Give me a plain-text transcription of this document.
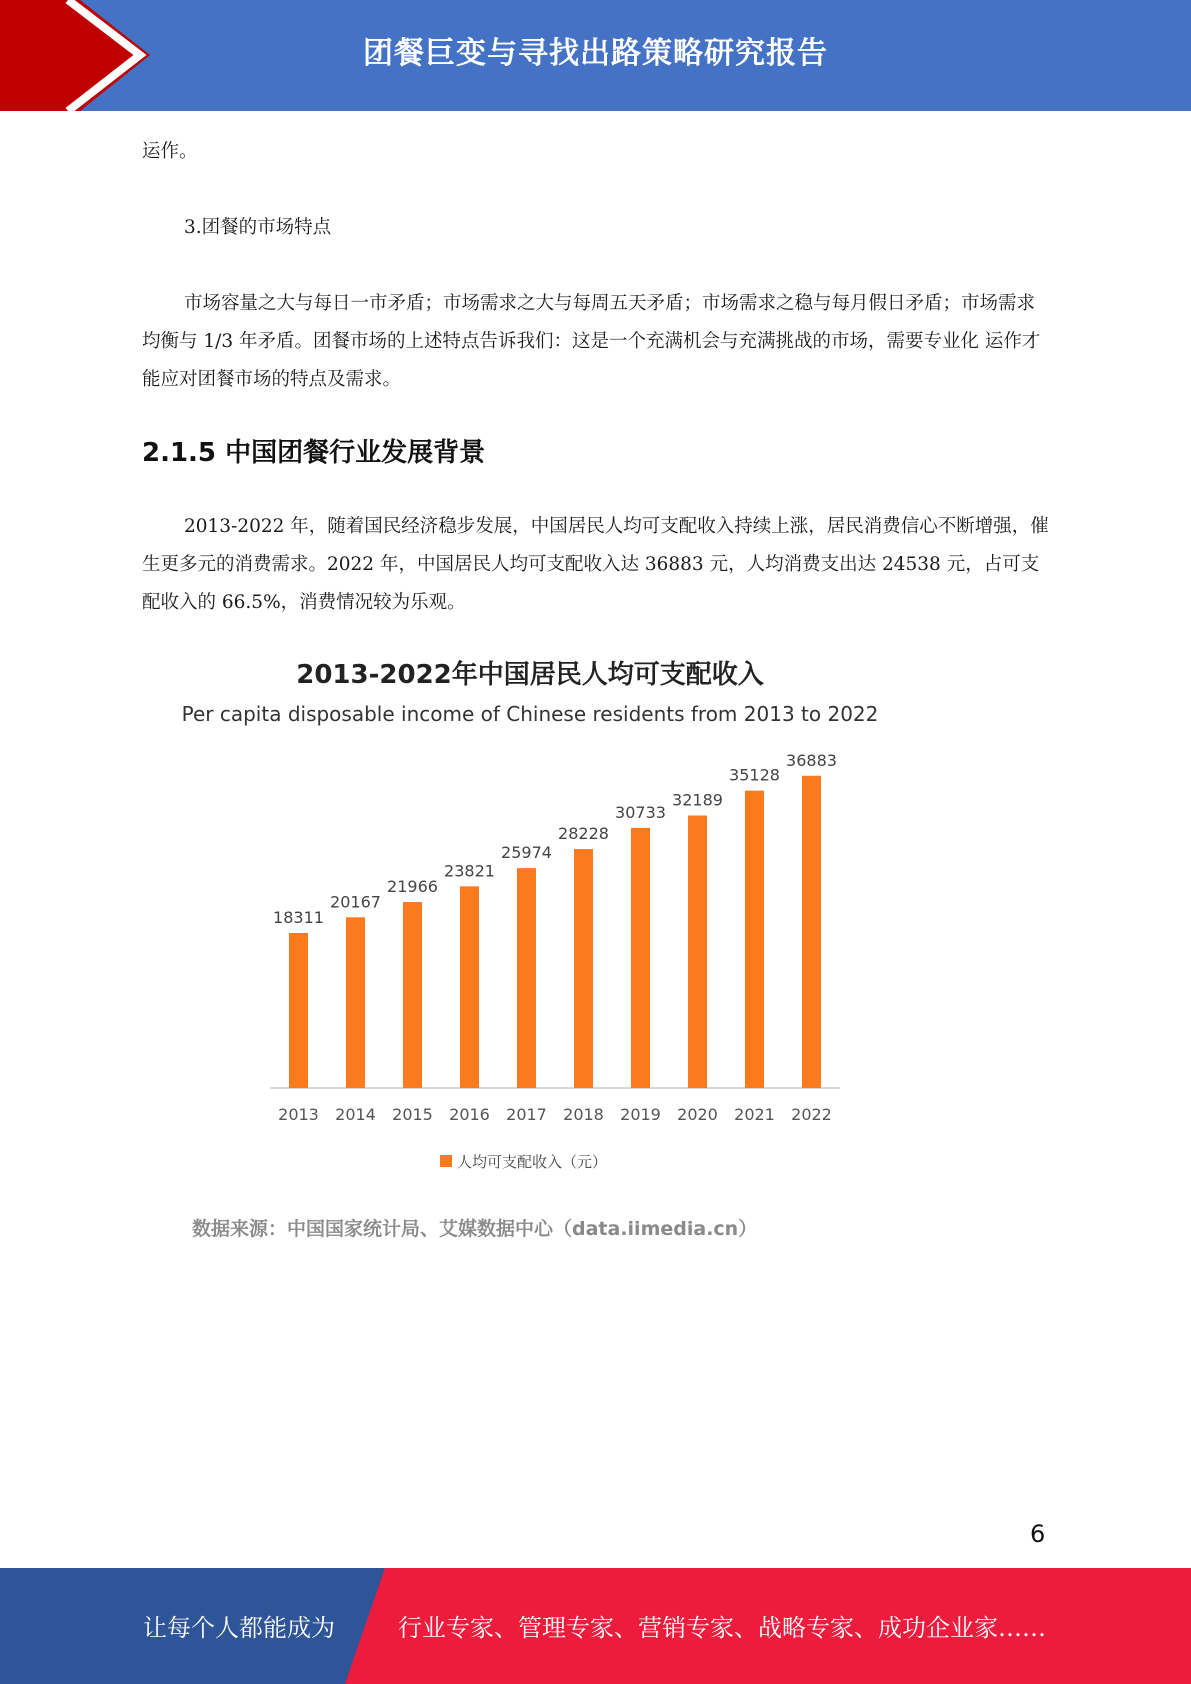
团餐巨变与寻找出路策略研究报告

运作。

3.团餐的市场特点

市场容量之大与每日一市矛盾；市场需求之大与每周五天矛盾；市场需求之稳与每月假日矛盾；市场需求均衡与 1/3 年矛盾。团餐市场的上述特点告诉我们：这是一个充满机会与充满挑战的市场，需要专业化 运作才能应对团餐市场的特点及需求。

2.1.5 中国团餐行业发展背景

2013-2022 年，随着国民经济稳步发展，中国居民人均可支配收入持续上涨，居民消费信心不断增强，催生更多元的消费需求。2022 年，中国居民人均可支配收入达 36883 元，人均消费支出达 24538 元，占可支配收入的 66.5%，消费情况较为乐观。

2013-2022年中国居民人均可支配收入

Per capita disposable income of Chinese residents from 2013 to 2022

18311
2013
20167
2014
21966
2015
23821
2016
25974
2017
28228
2018
30733
2019
32189
2020
35128
2021
36883
2022
人均可支配收入（元）

数据来源：中国国家统计局、艾媒数据中心（data.iimedia.cn）

6
让每个人都能成为	行业专家、管理专家、营销专家、战略专家、成功企业家……
